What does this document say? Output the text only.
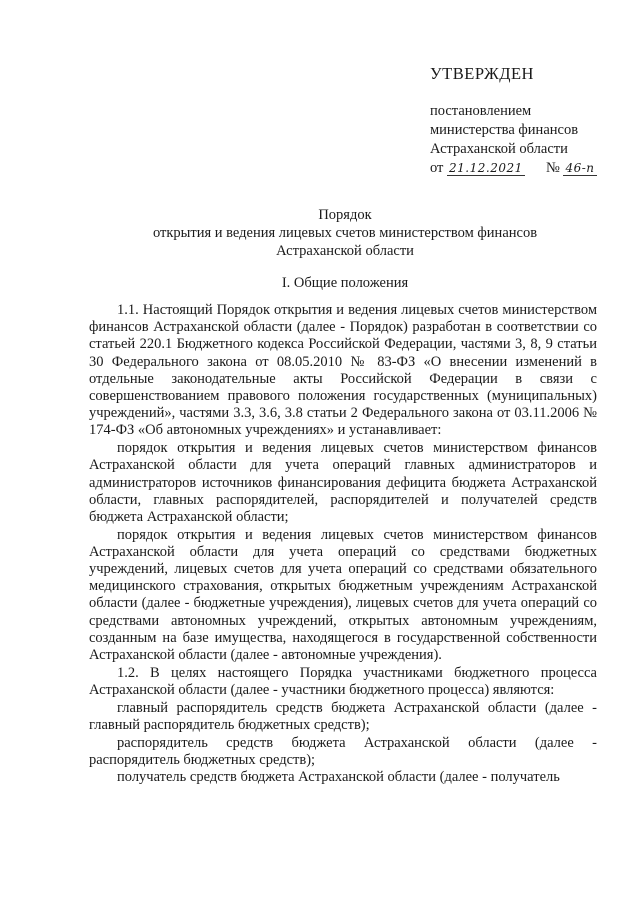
УТВЕРЖДЕН
постановлением
министерства финансов
Астраханской области
от 21.12.2021 № 46-п
Порядок
открытия и ведения лицевых счетов министерством финансов
Астраханской области
I. Общие положения

1.1. Настоящий Порядок открытия и ведения лицевых счетов министерством финансов Астраханской области (далее - Порядок) разработан в соответствии со статьей 220.1 Бюджетного кодекса Российской Федерации, частями 3, 8, 9 статьи 30 Федерального закона от 08.05.2010 № 83-ФЗ «О внесении изменений в отдельные законодательные акты Российской Федерации в связи с совершенствованием правового положения государственных (муниципальных) учреждений», частями 3.3, 3.6, 3.8 статьи 2 Федерального закона от 03.11.2006 № 174-ФЗ «Об автономных учреждениях» и устанавливает:

порядок открытия и ведения лицевых счетов министерством финансов Астраханской области для учета операций главных администраторов и администраторов источников финансирования дефицита бюджета Астраханской области, главных распорядителей, распорядителей и получателей средств бюджета Астраханской области;

порядок открытия и ведения лицевых счетов министерством финансов Астраханской области для учета операций со средствами бюджетных учреждений, лицевых счетов для учета операций со средствами обязательного медицинского страхования, открытых бюджетным учреждениям Астраханской области (далее - бюджетные учреждения), лицевых счетов для учета операций со средствами автономных учреждений, открытых автономным учреждениям, созданным на базе имущества, находящегося в государственной собственности Астраханской области (далее - автономные учреждения).

1.2. В целях настоящего Порядка участниками бюджетного процесса Астраханской области (далее - участники бюджетного процесса) являются:

главный распорядитель средств бюджета Астраханской области (далее - главный распорядитель бюджетных средств);

распорядитель средств бюджета Астраханской области (далее - распорядитель бюджетных средств);

получатель средств бюджета Астраханской области (далее - получатель
